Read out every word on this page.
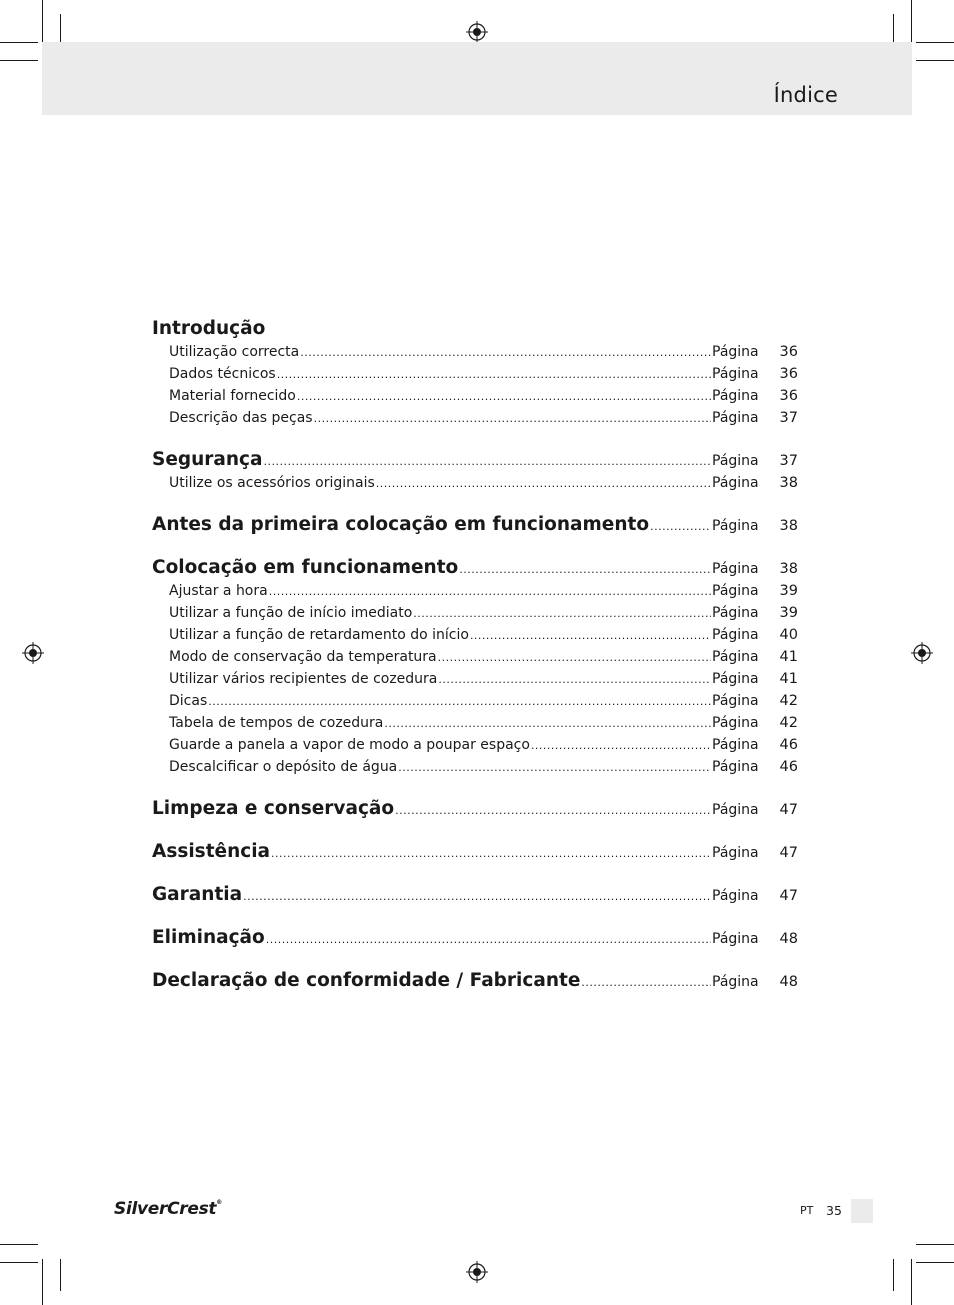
Índice
Introdução
Utilização correcta .....	Página	36
Dados técnicos .....	Página	36
Material fornecido .....	Página	36
Descrição das peças .....	Página	37
Segurança .....	Página	37
Utilize os acessórios originais .....	Página	38
Antes da primeira colocação em funcionamento .....	Página	38
Colocação em funcionamento .....	Página	38
Ajustar a hora .....	Página	39
Utilizar a função de início imediato .....	Página	39
Utilizar a função de retardamento do início .....	Página	40
Modo de conservação da temperatura .....	Página	41
Utilizar vários recipientes de cozedura .....	Página	41
Dicas .....	Página	42
Tabela de tempos de cozedura .....	Página	42
Guarde a panela a vapor de modo a poupar espaço .....	Página	46
Descalcificar o depósito de água .....	Página	46
Limpeza e conservação .....	Página	47
Assistência .....	Página	47
Garantia .....	Página	47
Eliminação .....	Página	48
Declaração de conformidade / Fabricante .....	Página	48
SilverCrest®
PT 35
